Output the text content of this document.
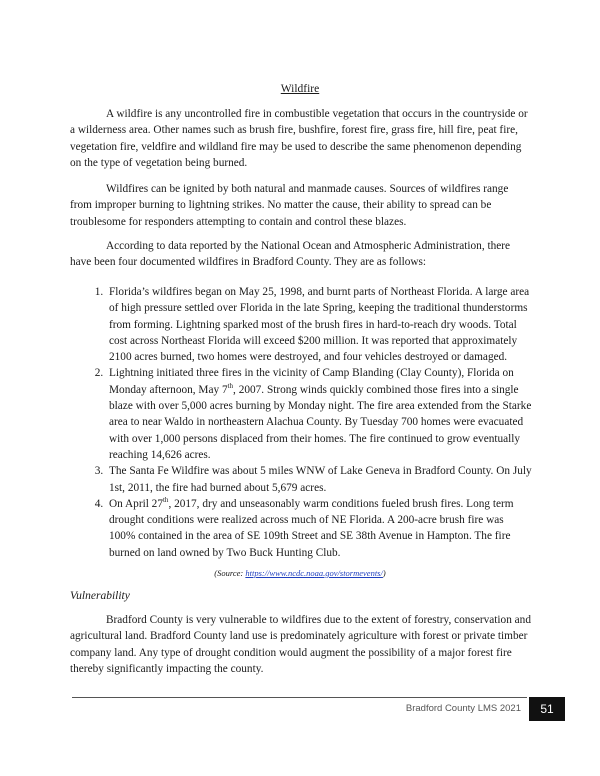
Wildfire

A wildfire is any uncontrolled fire in combustible vegetation that occurs in the countryside or a wilderness area. Other names such as brush fire, bushfire, forest fire, grass fire, hill fire, peat fire, vegetation fire, veldfire and wildland fire may be used to describe the same phenomenon depending on the type of vegetation being burned.

Wildfires can be ignited by both natural and manmade causes. Sources of wildfires range from improper burning to lightning strikes. No matter the cause, their ability to spread can be troublesome for responders attempting to contain and control these blazes.

According to data reported by the National Ocean and Atmospheric Administration, there have been four documented wildfires in Bradford County. They are as follows:

1. Florida’s wildfires began on May 25, 1998, and burnt parts of Northeast Florida. A large area of high pressure settled over Florida in the late Spring, keeping the traditional thunderstorms from forming. Lightning sparked most of the brush fires in hard-to-reach dry woods. Total cost across Northeast Florida will exceed $200 million. It was reported that approximately 2100 acres burned, two homes were destroyed, and four vehicles destroyed or damaged.
2. Lightning initiated three fires in the vicinity of Camp Blanding (Clay County), Florida on Monday afternoon, May 7th, 2007. Strong winds quickly combined those fires into a single blaze with over 5,000 acres burning by Monday night. The fire area extended from the Starke area to near Waldo in northeastern Alachua County. By Tuesday 700 homes were evacuated with over 1,000 persons displaced from their homes. The fire continued to grow eventually reaching 14,626 acres.
3. The Santa Fe Wildfire was about 5 miles WNW of Lake Geneva in Bradford County. On July 1st, 2011, the fire had burned about 5,679 acres.
4. On April 27th, 2017, dry and unseasonably warm conditions fueled brush fires. Long term drought conditions were realized across much of NE Florida. A 200-acre brush fire was 100% contained in the area of SE 109th Street and SE 38th Avenue in Hampton. The fire burned on land owned by Two Buck Hunting Club.
(Source: https://www.ncdc.noaa.gov/stormevents/)
Vulnerability

Bradford County is very vulnerable to wildfires due to the extent of forestry, conservation and agricultural land. Bradford County land use is predominately agriculture with forest or private timber company land. Any type of drought condition would augment the possibility of a major forest fire thereby significantly impacting the county.

Bradford County LMS 2021	51
